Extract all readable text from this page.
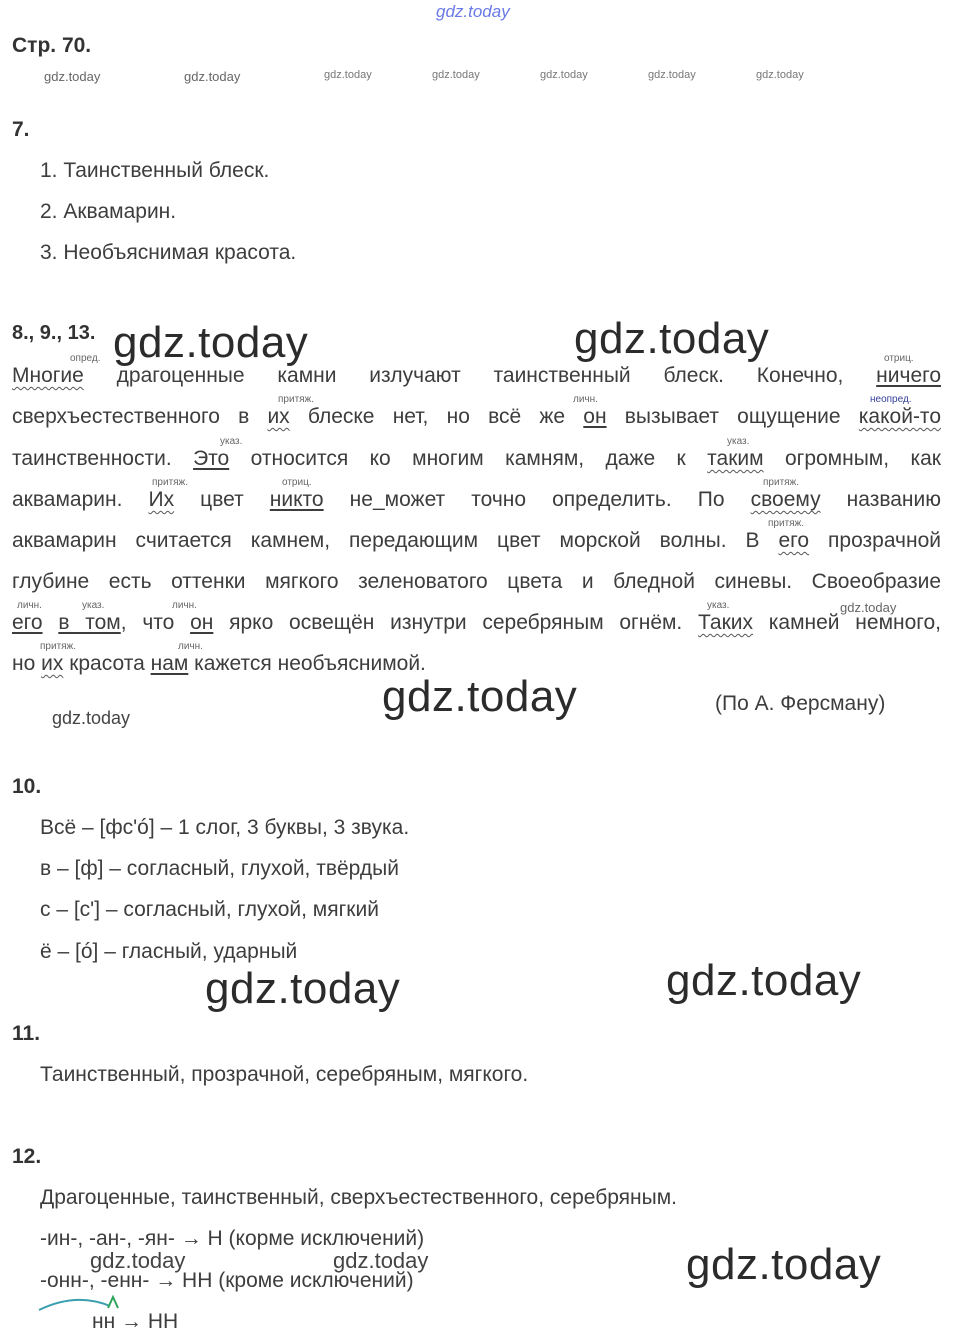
gdz.today
Стр. 70.
gdz.today	gdz.today	gdz.today	gdz.today	gdz.today	gdz.today	gdz.today
7.
1. Таинственный блеск.
2. Аквамарин.
3. Необъяснимая красота.
8., 9., 13. gdz.today	gdz.today
опред.	отриц.
притяж.	личн.	неопред.
указ.	указ.
притяж.	отриц.	притяж.
притяж.
личн.	указ.	личн.	указ.	gdz.today
притяж.	личн.
Многие драгоценные камни излучают таинственный блеск. Конечно, ничего
сверхъестественного в их блеске нет, но всё же он вызывает ощущение какой-то
таинственности. Это относится ко многим камням, даже к таким огромным, как
аквамарин. Их цвет никто не_может точно определить. По своему названию
аквамарин считается камнем, передающим цвет морской волны. В его прозрачной
глубине есть оттенки мягкого зеленоватого цвета и бледной синевы. Своеобразие
его в том, что он ярко освещён изнутри серебряным огнём. Таких камней немного,
но их красота нам кажется необъяснимой.
gdz.today
gdz.today
(По А. Ферсману)
10.
Всё – [фс'ó] – 1 слог, 3 буквы, 3 звука.
в – [ф] – согласный, глухой, твёрдый
с – [с'] – согласный, глухой, мягкий
ё – [ó] – гласный, ударный
gdz.today	gdz.today
11.
Таинственный, прозрачной, серебряным, мягкого.
12.
Драгоценные, таинственный, сверхъестественного, серебряным.
-ин-, -ан-, -ян- → Н (корме исключений)
-онн-, -енн- → НН (кроме исключений)
gdz.today	gdz.today	gdz.today
нн → НН
